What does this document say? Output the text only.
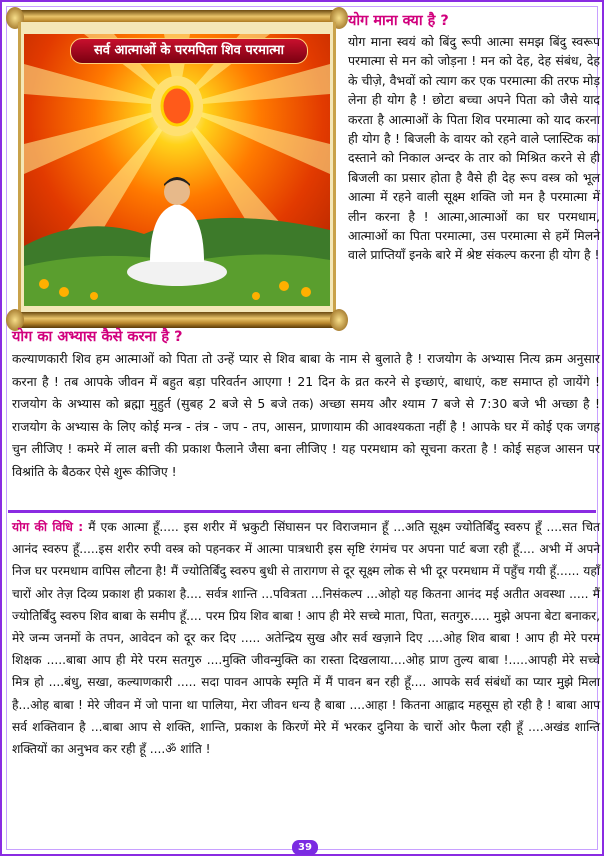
सर्व आत्माओं के परमपिता शिव परमात्मा
योग माना क्या है ?

योग माना स्वयं को बिंदु रूपी आत्मा समझ बिंदु स्वरूप परमात्मा से मन को जोड़ना ! मन को देह, देह संबंध, देह के चीज़े, वैभवों को त्याग कर एक परमात्मा की तरफ मोड़ लेना ही योग है ! छोटा बच्चा अपने पिता को जैसे याद करता है आत्माओं के पिता शिव परमात्मा को याद करना ही योग है ! बिजली के वायर को रहने वाले प्लास्टिक का दस्ताने को निकाल अन्दर के तार को मिश्रित करने से ही बिजली का प्रसार होता है वैसे ही देह रूप वस्त्र को भूल आत्मा में रहने वाली सूक्ष्म शक्ति जो मन है परमात्मा में लीन करना है ! आत्मा,आत्माओं का घर परमधाम, आत्माओं का पिता परमात्मा, उस परमात्मा से हमें मिलने वाले प्राप्तियाँ इनके बारे में श्रेष्ट संकल्प करना ही योग है !

योग का अभ्यास कैसे करना है ?

कल्याणकारी शिव हम आत्माओं को पिता तो उन्हें प्यार से शिव बाबा के नाम से बुलाते है ! राजयोग के अभ्यास नित्य क्रम अनुसार करना है ! तब आपके जीवन में बहुत बड़ा परिवर्तन आएगा ! 21 दिन के व्रत करने से इच्छाएं, बाधाएं, कष्ट समाप्त हो जायेंगे ! राजयोग के अभ्यास को ब्रह्मा मुहुर्त (सुबह 2 बजे से 5 बजे तक) अच्छा समय और श्याम 7 बजे से 7:30 बजे भी अच्छा है ! राजयोग के अभ्यास के लिए कोई मन्त्र - तंत्र - जप - तप, आसन, प्राणायाम की आवश्यकता नहीं है ! आपके घर में कोई एक जगह चुन लीजिए ! कमरे में लाल बत्ती की प्रकाश फैलाने जैसा बना लीजिए ! यह परमधाम को सूचना करता है ! कोई सहज आसन पर विश्रांति के बैठकर ऐसे शुरू कीजिए !

योग की विधि : मैं एक आत्मा हूँ..... इस शरीर में भ्रकुटी सिंघासन पर विराजमान हूँ ...अति सूक्ष्म ज्योतिर्बिंदु स्वरुप हूँ ....सत चित आनंद स्वरुप हूँ.....इस शरीर रुपी वस्त्र को पहनकर में आत्मा पात्रधारी इस सृष्टि रंगमंच पर अपना पार्ट बजा रही हूँ.... अभी में अपने निज घर परमधाम वापिस लौटना है! मैं ज्योतिर्बिंदु स्वरुप बुधी से तारागण से दूर सूक्ष्म लोक से भी दूर परमधाम में पहुँच गयी हूँ...... यहाँ चारों ओर तेज़ दिव्य प्रकाश ही प्रकाश है.... सर्वत्र शान्ति ...पवित्रता ...निसंकल्प ...ओहो यह कितना आनंद मई अतीत अवस्था ..... मैं ज्योतिर्बिंदु स्वरुप शिव बाबा के समीप हूँ.... परम प्रिय शिव बाबा ! आप ही मेरे सच्चे माता, पिता, सतगुरु..... मुझे अपना बेटा बनाकर, मेरे जन्म जनमों के तपन, आवेदन को दूर कर दिए ..... अतेन्द्रिय सुख और सर्व खज़ाने दिए ....ओह शिव बाबा ! आप ही मेरे परम शिक्षक .....बाबा आप ही मेरे परम सतगुरु ....मुक्ति जीवन्मुक्ति का रास्ता दिखलाया....ओह प्राण तुल्य बाबा !.....आपही मेरे सच्चे मित्र हो ....बंधु, सखा, कल्याणकारी ..... सदा पावन आपके स्मृति में मैं पावन बन रही हूँ.... आपके सर्व संबंधों का प्यार मुझे मिला है...ओह बाबा ! मेरे जीवन में जो पाना था पालिया, मेरा जीवन धन्य है बाबा ....आहा ! कितना आह्लाद महसूस हो रही है ! बाबा आप सर्व शक्तिवान है ...बाबा आप से शक्ति, शान्ति, प्रकाश के किरणें मेरे में भरकर दुनिया के चारों ओर फैला रही हूँ ....अखंड शान्ति शक्तियों का अनुभव कर रही हूँ ....ॐ शांति !

39
